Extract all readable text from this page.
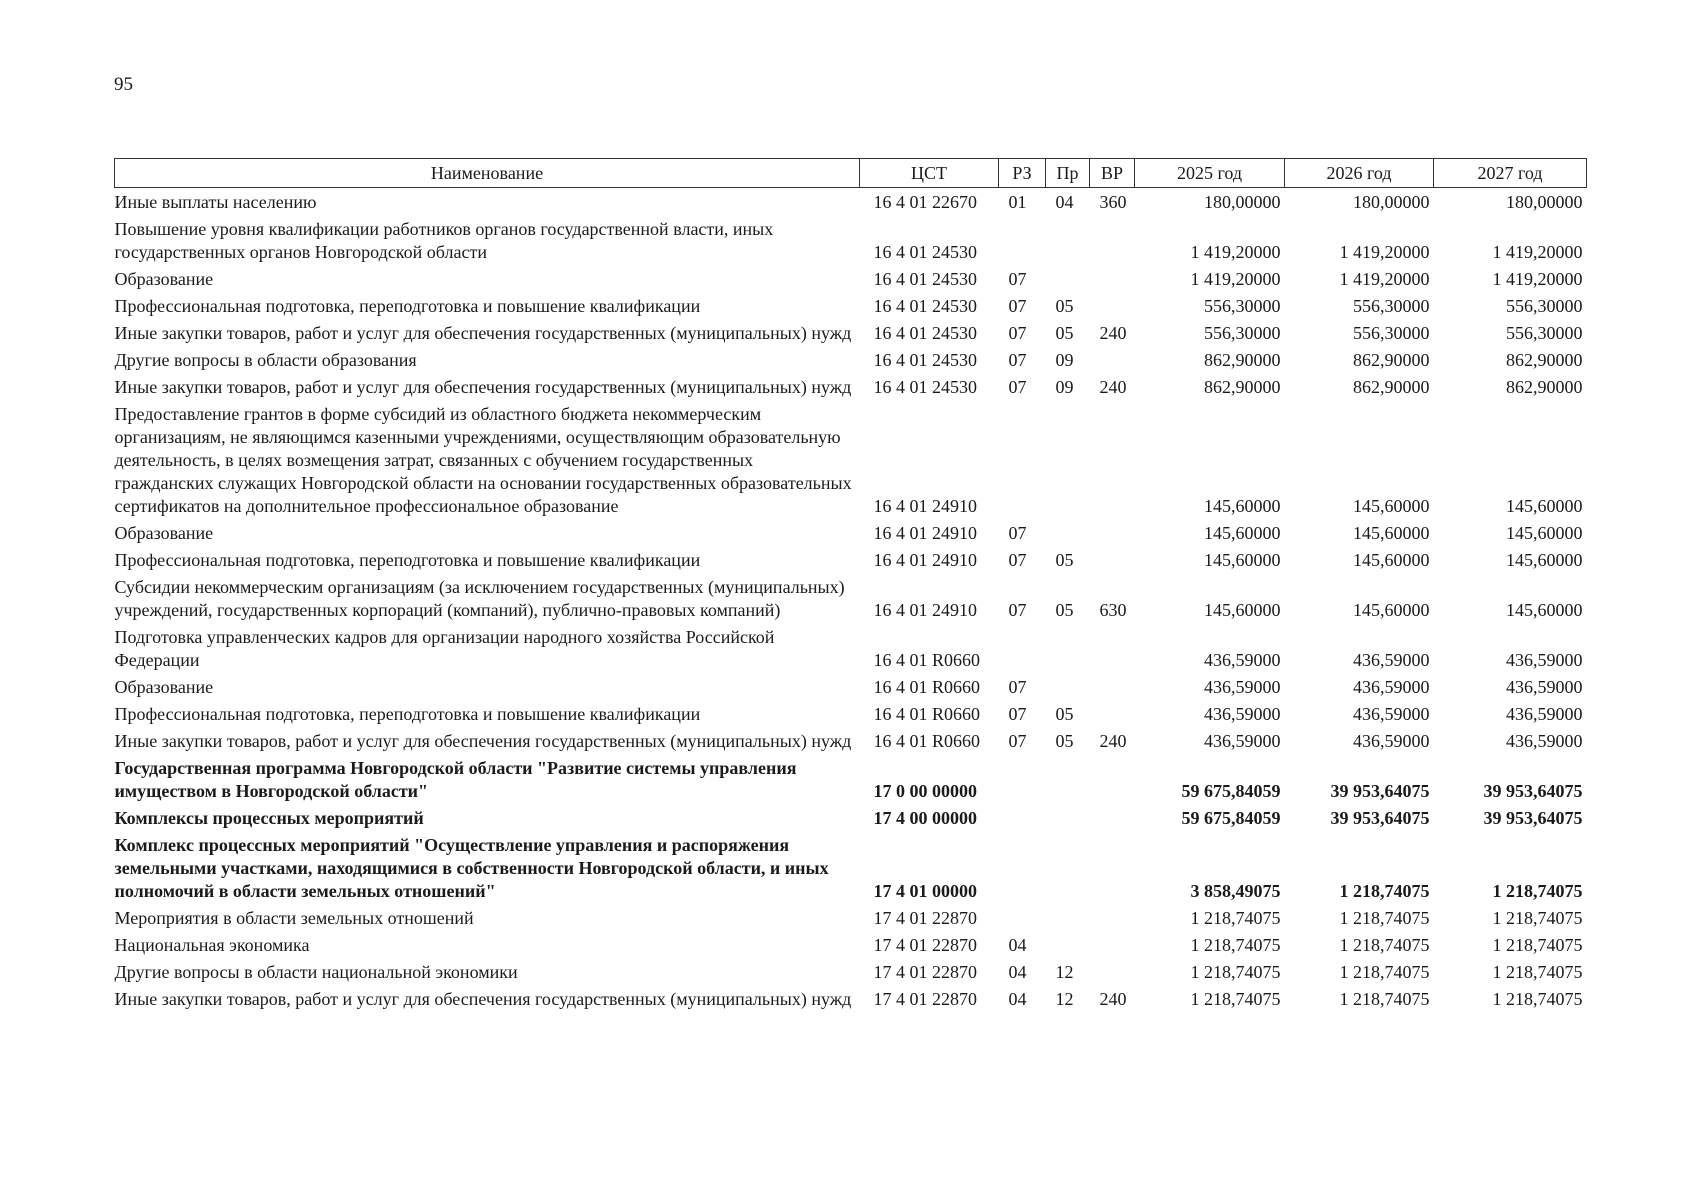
95
Наименование	ЦСТ	РЗ	Пр	ВР	2025 год	2026 год	2027 год
Иные выплаты населению	16 4 01 22670	01	04	360	180,00000	180,00000	180,00000
Повышение уровня квалификации работников органов государственной власти, иных государственных органов Новгородской области	16 4 01 24530				1 419,20000	1 419,20000	1 419,20000
Образование	16 4 01 24530	07			1 419,20000	1 419,20000	1 419,20000
Профессиональная подготовка, переподготовка и повышение квалификации	16 4 01 24530	07	05		556,30000	556,30000	556,30000
Иные закупки товаров, работ и услуг для обеспечения государственных (муниципальных) нужд	16 4 01 24530	07	05	240	556,30000	556,30000	556,30000
Другие вопросы в области образования	16 4 01 24530	07	09		862,90000	862,90000	862,90000
Иные закупки товаров, работ и услуг для обеспечения государственных (муниципальных) нужд	16 4 01 24530	07	09	240	862,90000	862,90000	862,90000
Предоставление грантов в форме субсидий из областного бюджета некоммерческим организациям, не являющимся казенными учреждениями, осуществляющим образовательную деятельность, в целях возмещения затрат, связанных с обучением государственных гражданских служащих Новгородской области на основании государственных образовательных сертификатов на дополнительное профессиональное образование	16 4 01 24910				145,60000	145,60000	145,60000
Образование	16 4 01 24910	07			145,60000	145,60000	145,60000
Профессиональная подготовка, переподготовка и повышение квалификации	16 4 01 24910	07	05		145,60000	145,60000	145,60000
Субсидии некоммерческим организациям (за исключением государственных (муниципальных) учреждений, государственных корпораций (компаний), публично-правовых компаний)	16 4 01 24910	07	05	630	145,60000	145,60000	145,60000
Подготовка управленческих кадров для организации народного хозяйства Российской Федерации	16 4 01 R0660				436,59000	436,59000	436,59000
Образование	16 4 01 R0660	07			436,59000	436,59000	436,59000
Профессиональная подготовка, переподготовка и повышение квалификации	16 4 01 R0660	07	05		436,59000	436,59000	436,59000
Иные закупки товаров, работ и услуг для обеспечения государственных (муниципальных) нужд	16 4 01 R0660	07	05	240	436,59000	436,59000	436,59000
Государственная программа Новгородской области "Развитие системы управления имуществом в Новгородской области"	17 0 00 00000				59 675,84059	39 953,64075	39 953,64075
Комплексы процессных мероприятий	17 4 00 00000				59 675,84059	39 953,64075	39 953,64075
Комплекс процессных мероприятий "Осуществление управления и распоряжения земельными участками, находящимися в собственности Новгородской области, и иных полномочий в области земельных отношений"	17 4 01 00000				3 858,49075	1 218,74075	1 218,74075
Мероприятия в области земельных отношений	17 4 01 22870				1 218,74075	1 218,74075	1 218,74075
Национальная экономика	17 4 01 22870	04			1 218,74075	1 218,74075	1 218,74075
Другие вопросы в области национальной экономики	17 4 01 22870	04	12		1 218,74075	1 218,74075	1 218,74075
Иные закупки товаров, работ и услуг для обеспечения государственных (муниципальных) нужд	17 4 01 22870	04	12	240	1 218,74075	1 218,74075	1 218,74075
